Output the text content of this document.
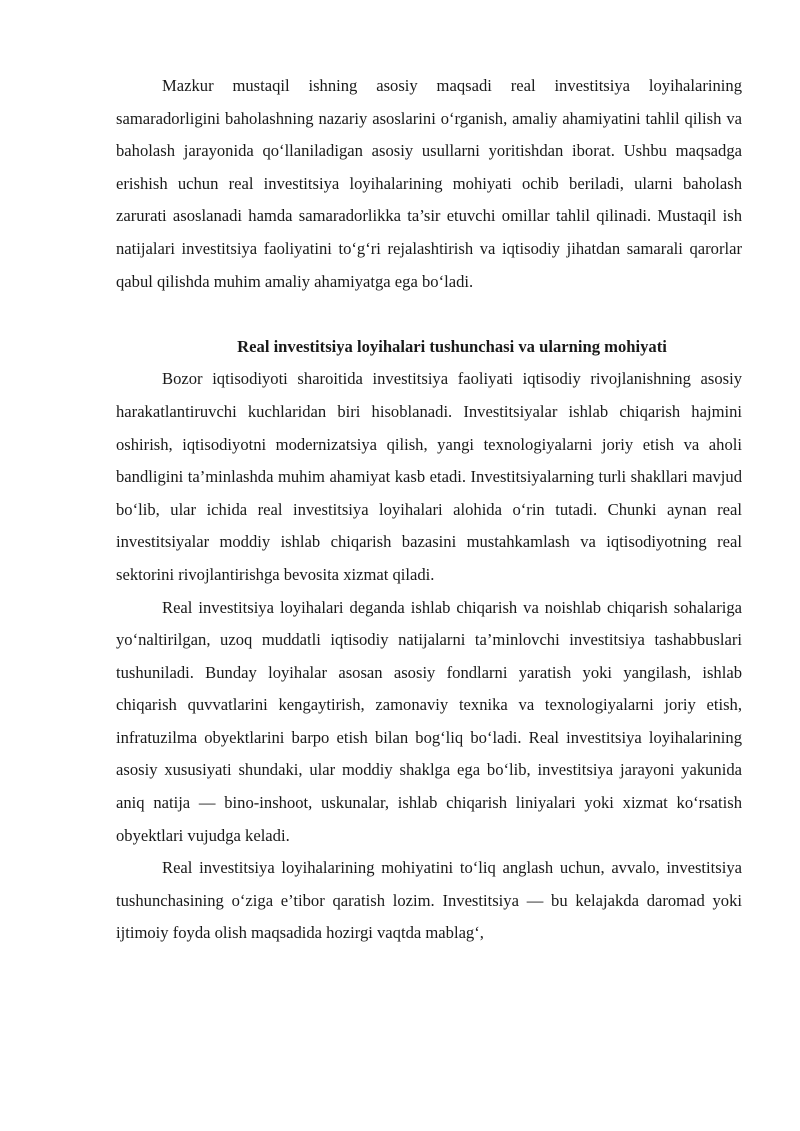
Mazkur mustaqil ishning asosiy maqsadi real investitsiya loyihalarining samaradorligini baholashning nazariy asoslarini o‘rganish, amaliy ahamiyatini tahlil qilish va baholash jarayonida qo‘llaniladigan asosiy usullarni yoritishdan iborat. Ushbu maqsadga erishish uchun real investitsiya loyihalarining mohiyati ochib beriladi, ularni baholash zarurati asoslanadi hamda samaradorlikka ta’sir etuvchi omillar tahlil qilinadi. Mustaqil ish natijalari investitsiya faoliyatini to‘g‘ri rejalashtirish va iqtisodiy jihatdan samarali qarorlar qabul qilishda muhim amaliy ahamiyatga ega bo‘ladi.

Real investitsiya loyihalari tushunchasi va ularning mohiyati

Bozor iqtisodiyoti sharoitida investitsiya faoliyati iqtisodiy rivojlanishning asosiy harakatlantiruvchi kuchlaridan biri hisoblanadi. Investitsiyalar ishlab chiqarish hajmini oshirish, iqtisodiyotni modernizatsiya qilish, yangi texnologiyalarni joriy etish va aholi bandligini ta’minlashda muhim ahamiyat kasb etadi. Investitsiyalarning turli shakllari mavjud bo‘lib, ular ichida real investitsiya loyihalari alohida o‘rin tutadi. Chunki aynan real investitsiyalar moddiy ishlab chiqarish bazasini mustahkamlash va iqtisodiyotning real sektorini rivojlantirishga bevosita xizmat qiladi.

Real investitsiya loyihalari deganda ishlab chiqarish va noishlab chiqarish sohalariga yo‘naltirilgan, uzoq muddatli iqtisodiy natijalarni ta’minlovchi investitsiya tashabbuslari tushuniladi. Bunday loyihalar asosan asosiy fondlarni yaratish yoki yangilash, ishlab chiqarish quvvatlarini kengaytirish, zamonaviy texnika va texnologiyalarni joriy etish, infratuzilma obyektlarini barpo etish bilan bog‘liq bo‘ladi. Real investitsiya loyihalarining asosiy xususiyati shundaki, ular moddiy shaklga ega bo‘lib, investitsiya jarayoni yakunida aniq natija — bino-inshoot, uskunalar, ishlab chiqarish liniyalari yoki xizmat ko‘rsatish obyektlari vujudga keladi.

Real investitsiya loyihalarining mohiyatini to‘liq anglash uchun, avvalo, investitsiya tushunchasining o‘ziga e’tibor qaratish lozim. Investitsiya — bu kelajakda daromad yoki ijtimoiy foyda olish maqsadida hozirgi vaqtda mablag‘,
